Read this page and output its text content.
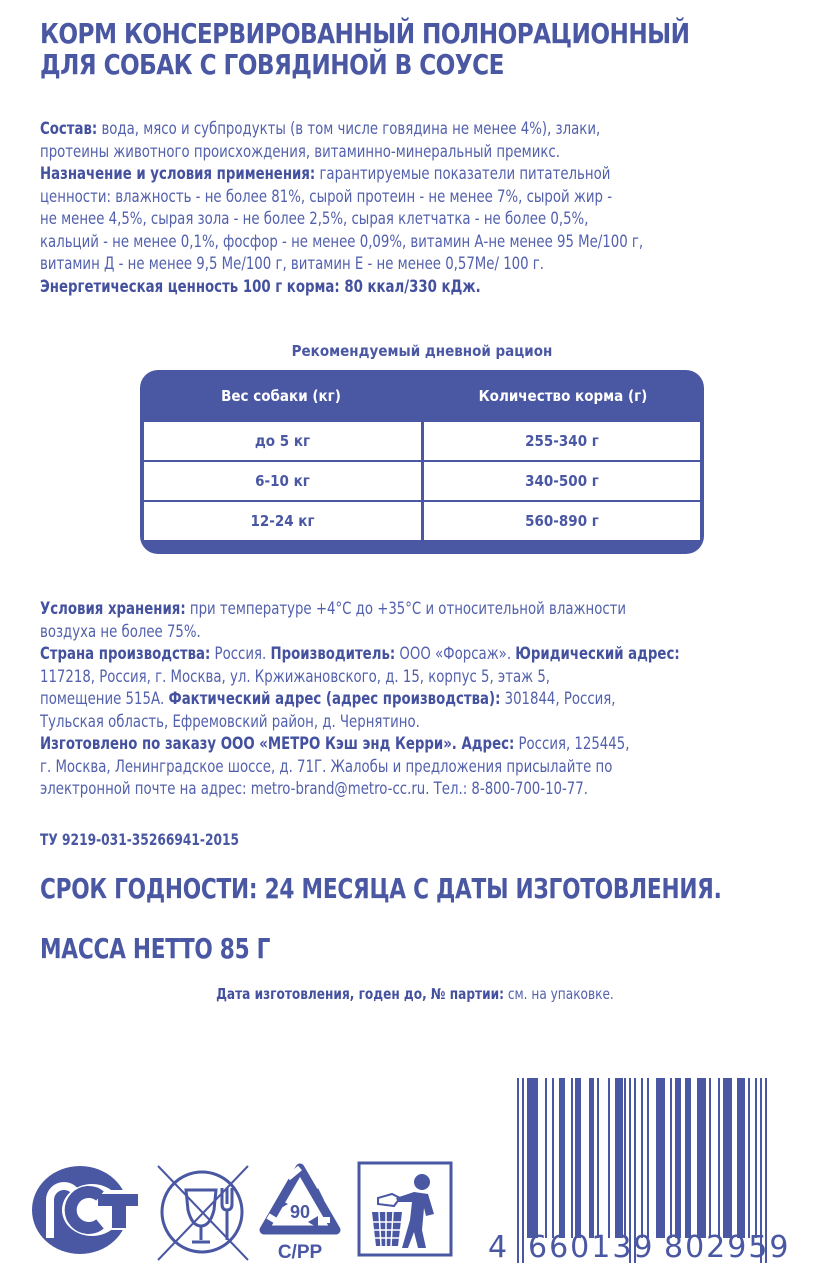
КОРМ КОНСЕРВИРОВАННЫЙ ПОЛНОРАЦИОННЫЙ
ДЛЯ СОБАК С ГОВЯДИНОЙ В СОУСЕ
Состав: вода, мясо и субпродукты (в том числе говядина не менее 4%), злаки,
протеины животного происхождения, витаминно-минеральный премикс.
Назначение и условия применения: гарантируемые показатели питательной
ценности: влажность - не более 81%, сырой протеин - не менее 7%, сырой жир -
не менее 4,5%, сырая зола - не более 2,5%, сырая клетчатка - не более 0,5%,
кальций - не менее 0,1%, фосфор - не менее 0,09%, витамин А-не менее 95 Ме/100 г,
витамин Д - не менее 9,5 Ме/100 г, витамин Е - не менее 0,57Ме/ 100 г.
Энергетическая ценность 100 г корма: 80 ккал/330 кДж.
Рекомендуемый дневной рацион
Вес собаки (кг)	Количество корма (г)
до 5 кг	255-340 г
6-10 кг	340-500 г
12-24 кг	560-890 г
Условия хранения: при температуре +4°С до +35°С и относительной влажности
воздуха не более 75%.
Страна производства: Россия. Производитель: ООО «Форсаж». Юридический адрес:
117218, Россия, г. Москва, ул. Кржижановского, д. 15, корпус 5, этаж 5,
помещение 515А. Фактический адрес (адрес производства): 301844, Россия,
Тульская область, Ефремовский район, д. Чернятино.
Изготовлено по заказу ООО «МЕТРО Кэш энд Керри». Адрес: Россия, 125445,
г. Москва, Ленинградское шоссе, д. 71Г. Жалобы и предложения присылайте по
электронной почте на адрес: metro-brand@metro-cc.ru. Тел.: 8-800-700-10-77.
ТУ 9219-031-35266941-2015
СРОК ГОДНОСТИ: 24 МЕСЯЦА С ДАТЫ ИЗГОТОВЛЕНИЯ.
МАССА НЕТТО 85 Г
Дата изготовления, годен до, № партии: см. на упаковке.
90
C/PP	4 660139 802959
